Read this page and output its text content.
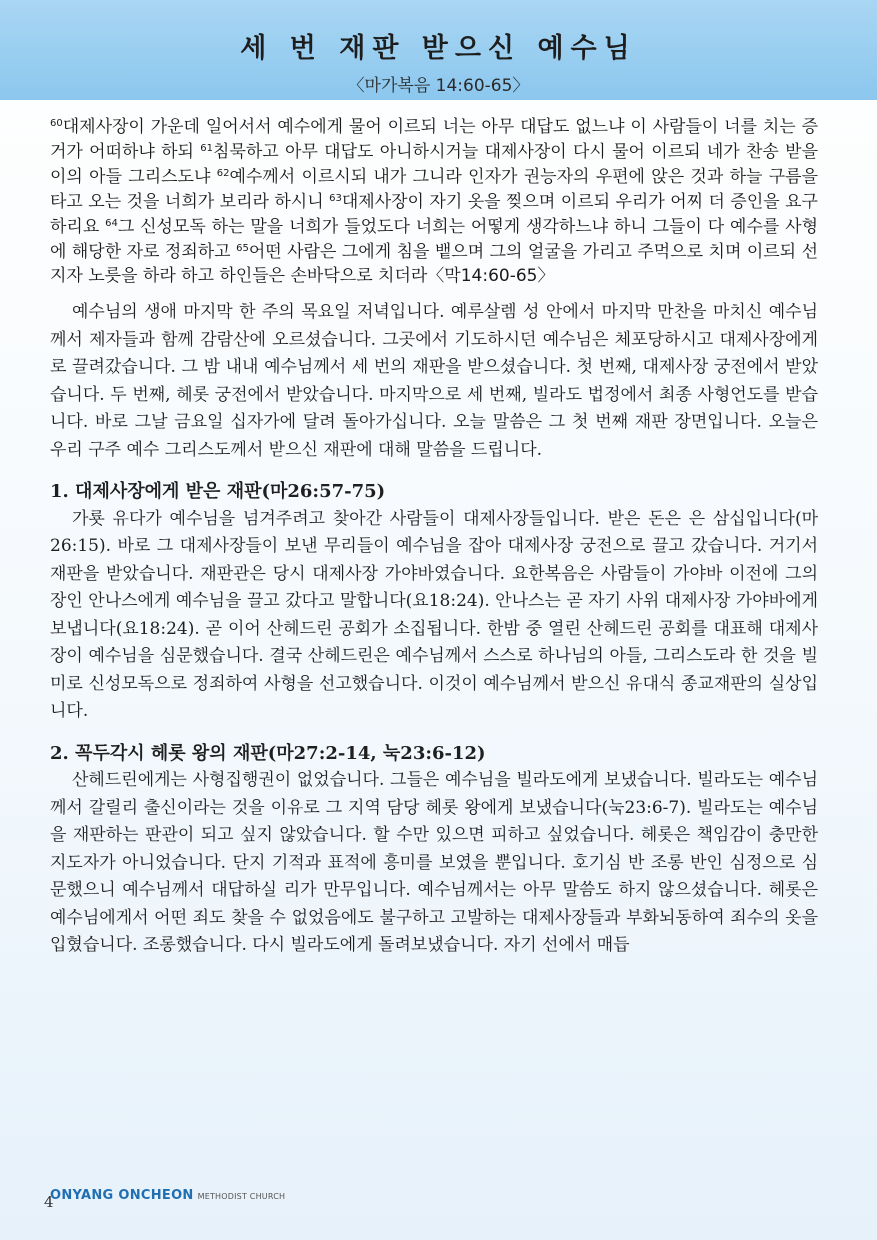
세 번 재판 받으신 예수님
〈마가복음 14:60-65〉
$^{60}$대제사장이 가운데 일어서서 예수에게 물어 이르되 너는 아무 대답도 없느냐 이 사람들이 너를 치는 증거가 어떠하냐 하되 $^{61}$침묵하고 아무 대답도 아니하시거늘 대제사장이 다시 물어 이르되 네가 찬송 받을 이의 아들 그리스도냐 $^{62}$예수께서 이르시되 내가 그니라 인자가 권능자의 우편에 앉은 것과 하늘 구름을 타고 오는 것을 너희가 보리라 하시니 $^{63}$대제사장이 자기 옷을 찢으며 이르되 우리가 어찌 더 증인을 요구하리요 $^{64}$그 신성모독 하는 말을 너희가 들었도다 너희는 어떻게 생각하느냐 하니 그들이 다 예수를 사형에 해당한 자로 정죄하고 $^{65}$어떤 사람은 그에게 침을 뱉으며 그의 얼굴을 가리고 주먹으로 치며 이르되 선지자 노릇을 하라 하고 하인들은 손바닥으로 치더라〈막14:60-65〉

예수님의 생애 마지막 한 주의 목요일 저녁입니다. 예루살렘 성 안에서 마지막 만찬을 마치신 예수님께서 제자들과 함께 감람산에 오르셨습니다. 그곳에서 기도하시던 예수님은 체포당하시고 대제사장에게로 끌려갔습니다. 그 밤 내내 예수님께서 세 번의 재판을 받으셨습니다. 첫 번째, 대제사장 궁전에서 받았습니다. 두 번째, 헤롯 궁전에서 받았습니다. 마지막으로 세 번째, 빌라도 법정에서 최종 사형언도를 받습니다. 바로 그날 금요일 십자가에 달려 돌아가십니다. 오늘 말씀은 그 첫 번째 재판 장면입니다. 오늘은 우리 구주 예수 그리스도께서 받으신 재판에 대해 말씀을 드립니다.

1. 대제사장에게 받은 재판(마26:57-75)

가룟 유다가 예수님을 넘겨주려고 찾아간 사람들이 대제사장들입니다. 받은 돈은 은 삼십입니다(마26:15). 바로 그 대제사장들이 보낸 무리들이 예수님을 잡아 대제사장 궁전으로 끌고 갔습니다. 거기서 재판을 받았습니다. 재판관은 당시 대제사장 가야바였습니다. 요한복음은 사람들이 가야바 이전에 그의 장인 안나스에게 예수님을 끌고 갔다고 말합니다(요18:24). 안나스는 곧 자기 사위 대제사장 가야바에게 보냅니다(요18:24). 곧 이어 산헤드린 공회가 소집됩니다. 한밤 중 열린 산헤드린 공회를 대표해 대제사장이 예수님을 심문했습니다. 결국 산헤드린은 예수님께서 스스로 하나님의 아들, 그리스도라 한 것을 빌미로 신성모독으로 정죄하여 사형을 선고했습니다. 이것이 예수님께서 받으신 유대식 종교재판의 실상입니다.

2. 꼭두각시 헤롯 왕의 재판(마27:2-14, 눅23:6-12)

산헤드린에게는 사형집행권이 없었습니다. 그들은 예수님을 빌라도에게 보냈습니다. 빌라도는 예수님께서 갈릴리 출신이라는 것을 이유로 그 지역 담당 헤롯 왕에게 보냈습니다(눅23:6-7). 빌라도는 예수님을 재판하는 판관이 되고 싶지 않았습니다. 할 수만 있으면 피하고 싶었습니다. 헤롯은 책임감이 충만한 지도자가 아니었습니다. 단지 기적과 표적에 흥미를 보였을 뿐입니다. 호기심 반 조롱 반인 심정으로 심문했으니 예수님께서 대답하실 리가 만무입니다. 예수님께서는 아무 말씀도 하지 않으셨습니다. 헤롯은 예수님에게서 어떤 죄도 찾을 수 없었음에도 불구하고 고발하는 대제사장들과 부화뇌동하여 죄수의 옷을 입혔습니다. 조롱했습니다. 다시 빌라도에게 돌려보냈습니다. 자기 선에서 매듭

4
ONYANG ONCHEON METHODIST CHURCH
